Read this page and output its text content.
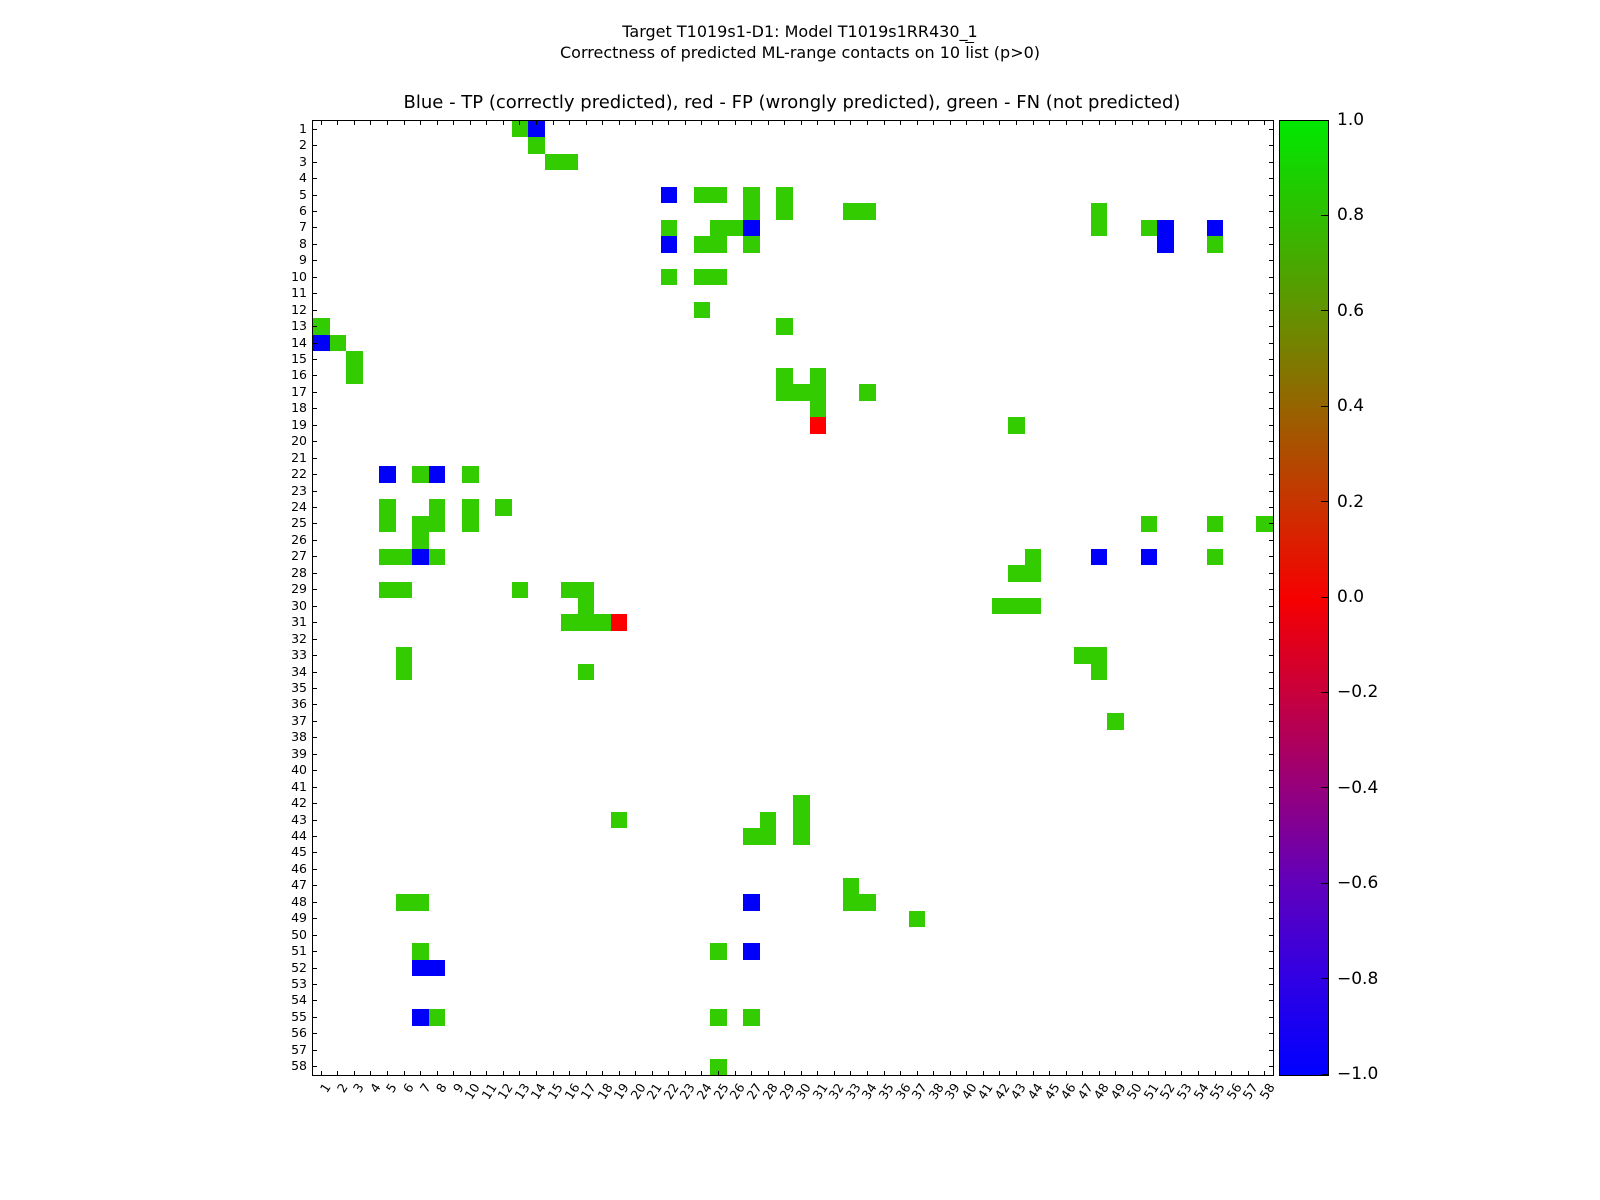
Target T1019s1-D1: Model T1019s1RR430_1
Correctness of predicted ML-range contacts on 10 $\overline{li}st$ (p>0)
Blue - TP (correctly predicted), red - FP (wrongly predicted), green - FN (not predicted)
1
2
3
4
5
6
7
8
9
10
11
12
13
14
15
16
17
18
19
20
21
22
23
24
25
26
27
28
29
30
31
32
33
34
35
36
37
38
39
40
41
42
43
44
45
46
47
48
49
50
51
52
53
54
55
56
57
58
1 2 3 4 5 6 7 8 9
10
11
12
13
14
15
16
17
18
19
20
21
22
23
24
25
26
27
28
29
30
31
32
33
34
35
36
37
38
39
40
41
42
43
44
45
46
47
48
49
50
51
52
53
54
55
56
57
58
1.0
0.8
0.6
0.4
0.2
0.0
−0.2
−0.4
−0.6
−0.8
−1.0
